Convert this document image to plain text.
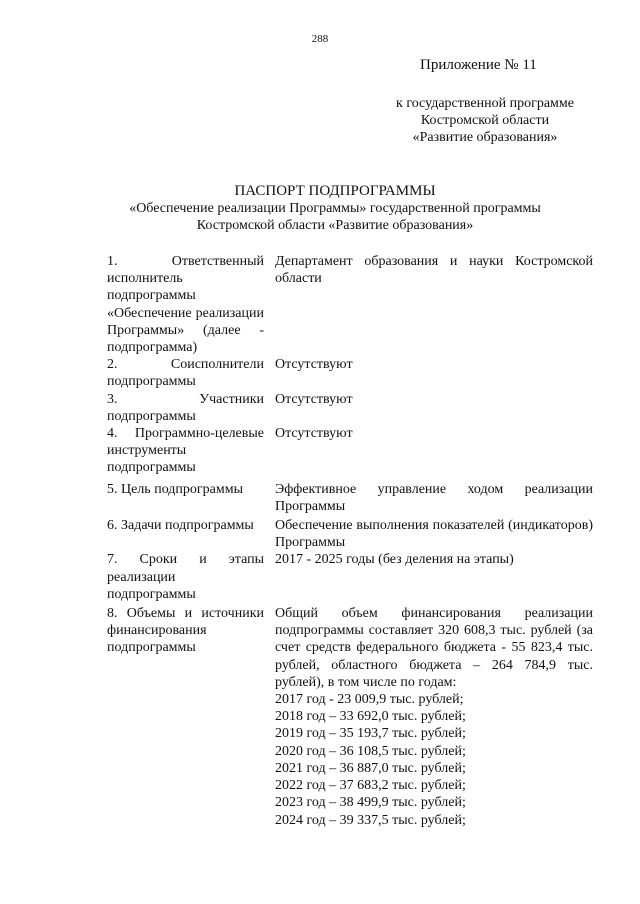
288
Приложение № 11
к государственной программе
Костромской области
«Развитие образования»
ПАСПОРТ ПОДПРОГРАММЫ
«Обеспечение реализации Программы» государственной программы
Костромской области «Развитие образования»
1. Ответственный исполнитель подпрограммы «Обеспечение реализации Программы» (далее - подпрограмма)
Департамент образования и науки Костромской области
2. Соисполнители подпрограммы
Отсутствуют
3. Участники подпрограммы
Отсутствуют
4. Программно-целевые инструменты подпрограммы
Отсутствуют
5. Цель подпрограммы	Эффективное управление ходом реализации Программы
6. Задачи подпрограммы	Обеспечение выполнения показателей (индикаторов) Программы
7. Сроки и этапы реализации подпрограммы
2017 - 2025 годы (без деления на этапы)
8. Объемы и источники финансирования подпрограммы
Общий объем финансирования реализации подпрограммы составляет 320 608,3 тыс. рублей (за счет средств федерального бюджета - 55 823,4 тыс. рублей, областного бюджета – 264 784,9 тыс. рублей), в том числе по годам:
2017 год - 23 009,9 тыс. рублей;
2018 год – 33 692,0 тыс. рублей;
2019 год – 35 193,7 тыс. рублей;
2020 год – 36 108,5 тыс. рублей;
2021 год – 36 887,0 тыс. рублей;
2022 год – 37 683,2 тыс. рублей;
2023 год – 38 499,9 тыс. рублей;
2024 год – 39 337,5 тыс. рублей;
